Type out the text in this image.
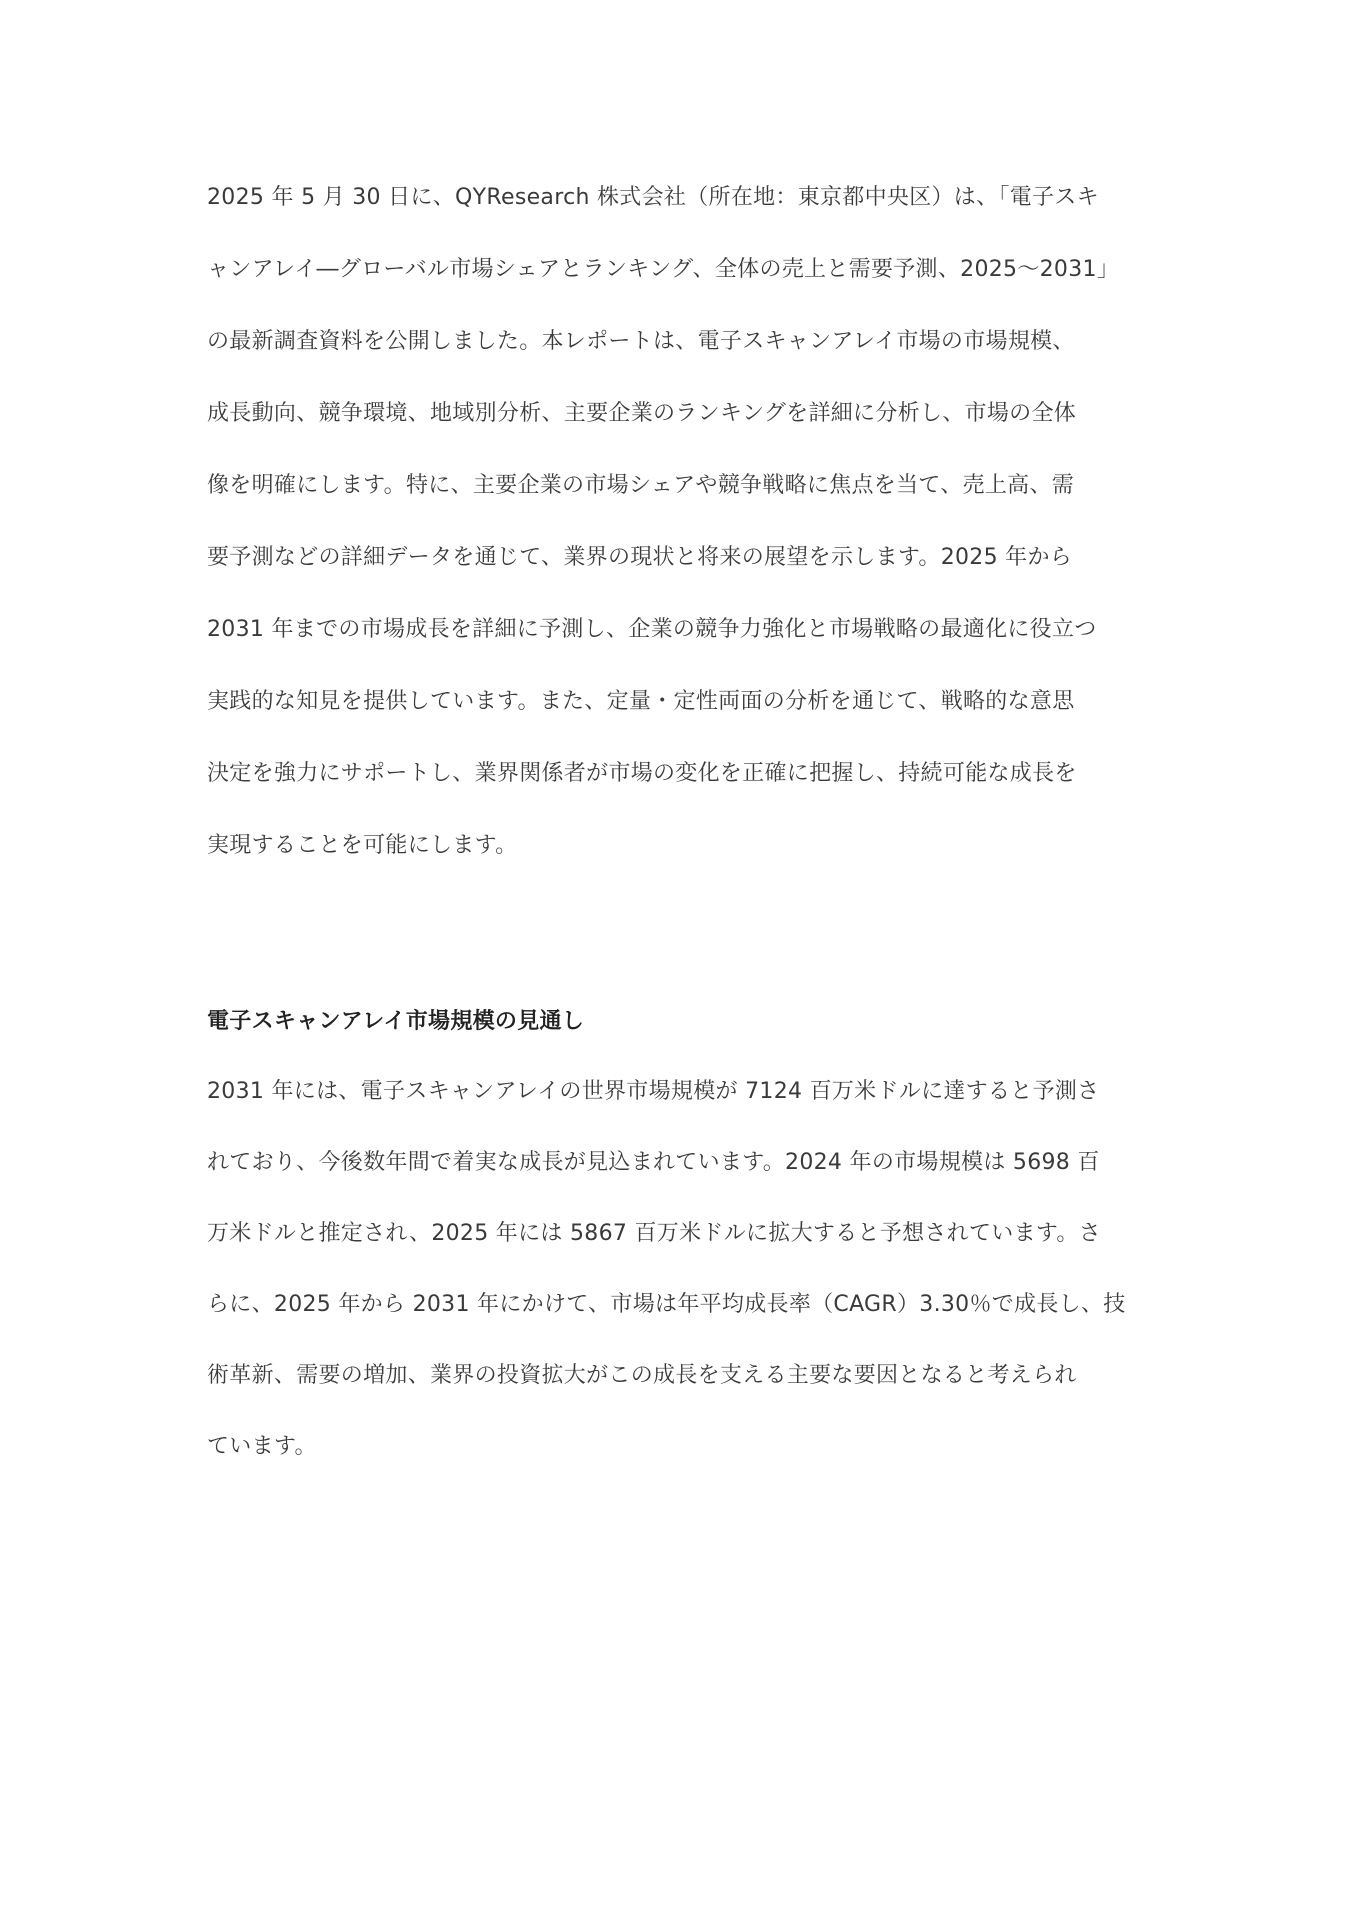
2025 年 5 月 30 日に、QYResearch 株式会社（所在地：東京都中央区）は、「電子スキ
ャンアレイ―グローバル市場シェアとランキング、全体の売上と需要予測、2025～2031」
の最新調査資料を公開しました。本レポートは、電子スキャンアレイ市場の市場規模、
成長動向、競争環境、地域別分析、主要企業のランキングを詳細に分析し、市場の全体
像を明確にします。特に、主要企業の市場シェアや競争戦略に焦点を当て、売上高、需
要予測などの詳細データを通じて、業界の現状と将来の展望を示します。2025 年から
2031 年までの市場成長を詳細に予測し、企業の競争力強化と市場戦略の最適化に役立つ
実践的な知見を提供しています。また、定量・定性両面の分析を通じて、戦略的な意思
決定を強力にサポートし、業界関係者が市場の変化を正確に把握し、持続可能な成長を
実現することを可能にします。
電子スキャンアレイ市場規模の見通し
2031 年には、電子スキャンアレイの世界市場規模が 7124 百万米ドルに達すると予測さ
れており、今後数年間で着実な成長が見込まれています。2024 年の市場規模は 5698 百
万米ドルと推定され、2025 年には 5867 百万米ドルに拡大すると予想されています。さ
らに、2025 年から 2031 年にかけて、市場は年平均成長率（CAGR）3.30％で成長し、技
術革新、需要の増加、業界の投資拡大がこの成長を支える主要な要因となると考えられ
ています。
